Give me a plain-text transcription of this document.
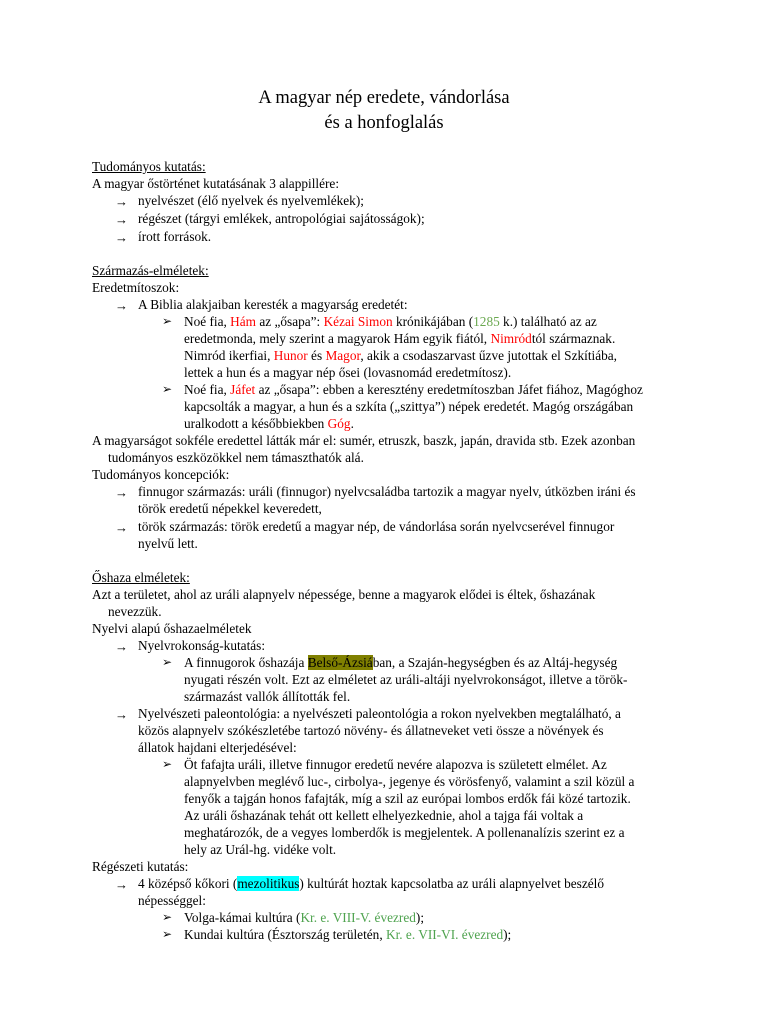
A magyar nép eredete, vándorlása
és a honfoglalás
Tudományos kutatás:
A magyar őstörténet kutatásának 3 alappillére:
→ nyelvészet (élő nyelvek és nyelvemlékek);
→ régészet (tárgyi emlékek, antropológiai sajátosságok);
→ írott források.
Származás-elméletek:
Eredetmítoszok:
→ A Biblia alakjaiban keresték a magyarság eredetét:
➢ Noé fia, Hám az „ősapa”: Kézai Simon krónikájában (1285 k.) található az az
eredetmonda, mely szerint a magyarok Hám egyik fiától, Nimródtól származnak.
Nimród ikerfiai, Hunor és Magor, akik a csodaszarvast űzve jutottak el Szkítiába,
lettek a hun és a magyar nép ősei (lovasnomád eredetmítosz).
➢ Noé fia, Jáfet az „ősapa”: ebben a keresztény eredetmítoszban Jáfet fiához, Magóghoz
kapcsolták a magyar, a hun és a szkíta („szittya”) népek eredetét. Magóg országában
uralkodott a későbbiekben Góg.
A magyarságot sokféle eredettel látták már el: sumér, etruszk, baszk, japán, dravida stb. Ezek azonban
tudományos eszközökkel nem támaszthatók alá.
Tudományos koncepciók:
→ finnugor származás: uráli (finnugor) nyelvcsaládba tartozik a magyar nyelv, útközben iráni és
török eredetű népekkel keveredett,
→ török származás: török eredetű a magyar nép, de vándorlása során nyelvcserével finnugor
nyelvű lett.
Őshaza elméletek:
Azt a területet, ahol az uráli alapnyelv népessége, benne a magyarok elődei is éltek, őshazának
nevezzük.
Nyelvi alapú őshazaelméletek
→ Nyelvrokonság-kutatás:
➢ A finnugorok őshazája Belső-Ázsiában, a Szaján-hegységben és az Altáj-hegység
nyugati részén volt. Ezt az elméletet az uráli-altáji nyelvrokonságot, illetve a török-
származást vallók állították fel.
→ Nyelvészeti paleontológia: a nyelvészeti paleontológia a rokon nyelvekben megtalálható, a
közös alapnyelv szókészletébe tartozó növény- és állatneveket veti össze a növények és
állatok hajdani elterjedésével:
➢ Öt fafajta uráli, illetve finnugor eredetű nevére alapozva is született elmélet. Az
alapnyelvben meglévő luc-, cirbolya-, jegenye és vörösfenyő, valamint a szil közül a
fenyők a tajgán honos fafajták, míg a szil az európai lombos erdők fái közé tartozik.
Az uráli őshazának tehát ott kellett elhelyezkednie, ahol a tajga fái voltak a
meghatározók, de a vegyes lomberdők is megjelentek. A pollenanalízis szerint ez a
hely az Urál-hg. vidéke volt.
Régészeti kutatás:
→ 4 középső kőkori (mezolitikus) kultúrát hoztak kapcsolatba az uráli alapnyelvet beszélő
népességgel:
➢ Volga-kámai kultúra (Kr. e. VIII-V. évezred);
➢ Kundai kultúra (Észtország területén, Kr. e. VII-VI. évezred);
